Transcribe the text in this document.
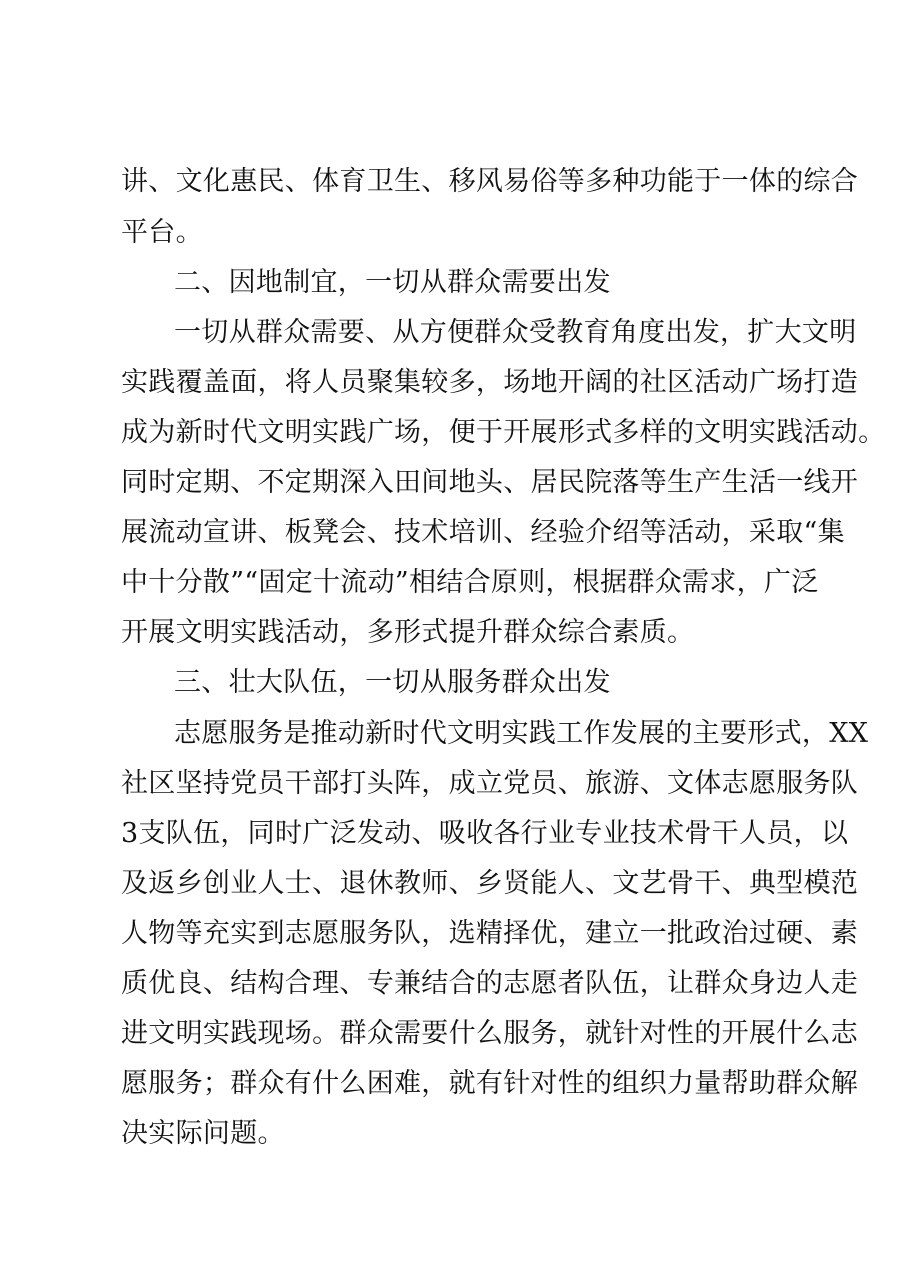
讲、文化惠民、体育卫生、移风易俗等多种功能于一体的综合

平台。

二、因地制宜，一切从群众需要出发

一切从群众需要、从方便群众受教育角度出发，扩大文明

实践覆盖面，将人员聚集较多，场地开阔的社区活动广场打造

成为新时代文明实践广场，便于开展形式多样的文明实践活动。

同时定期、不定期深入田间地头、居民院落等生产生活一线开

展流动宣讲、板凳会、技术培训、经验介绍等活动，采取“集

中十分散”“固定十流动”相结合原则，根据群众需求，广泛

开展文明实践活动，多形式提升群众综合素质。

三、壮大队伍，一切从服务群众出发

志愿服务是推动新时代文明实践工作发展的主要形式，XX

社区坚持党员干部打头阵，成立党员、旅游、文体志愿服务队

3支队伍，同时广泛发动、吸收各行业专业技术骨干人员，以

及返乡创业人士、退休教师、乡贤能人、文艺骨干、典型模范

人物等充实到志愿服务队，选精择优，建立一批政治过硬、素

质优良、结构合理、专兼结合的志愿者队伍，让群众身边人走

进文明实践现场。群众需要什么服务，就针对性的开展什么志

愿服务；群众有什么困难，就有针对性的组织力量帮助群众解

决实际问题。
